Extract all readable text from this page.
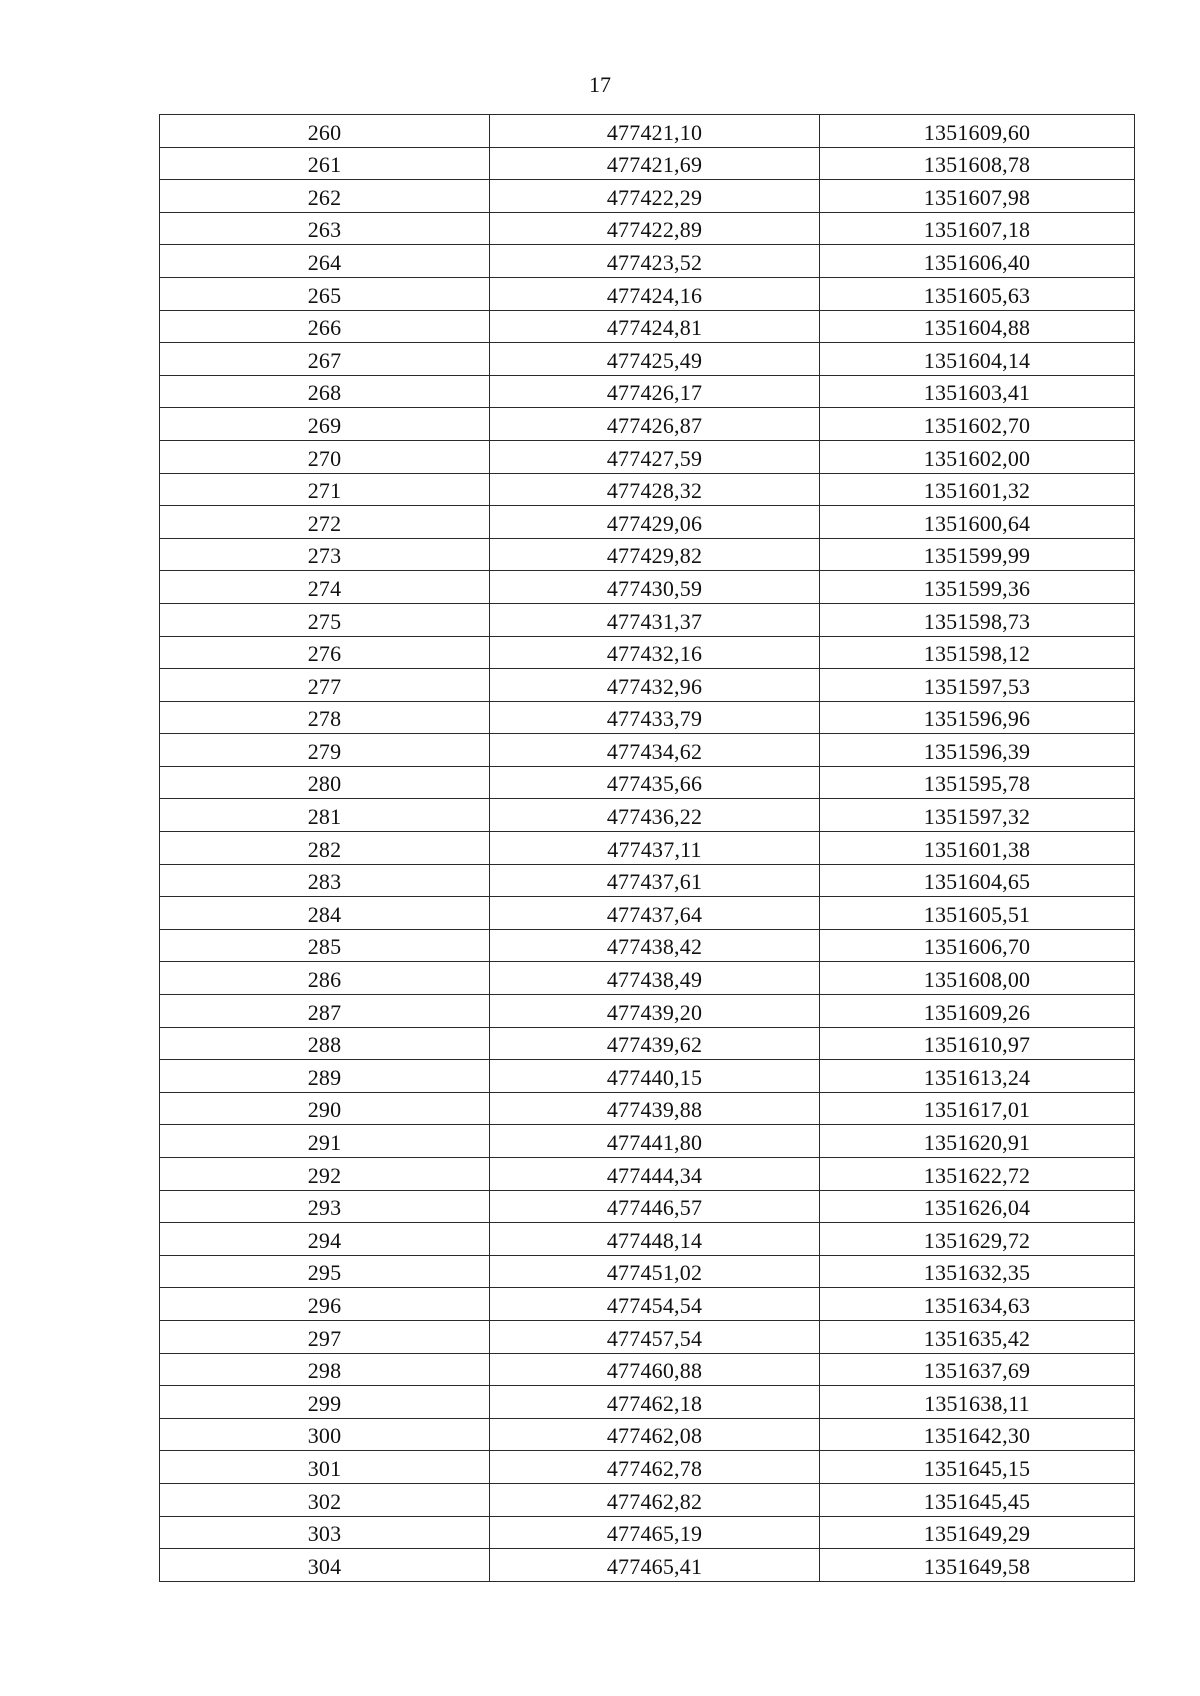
17
260	477421,10	1351609,60
261	477421,69	1351608,78
262	477422,29	1351607,98
263	477422,89	1351607,18
264	477423,52	1351606,40
265	477424,16	1351605,63
266	477424,81	1351604,88
267	477425,49	1351604,14
268	477426,17	1351603,41
269	477426,87	1351602,70
270	477427,59	1351602,00
271	477428,32	1351601,32
272	477429,06	1351600,64
273	477429,82	1351599,99
274	477430,59	1351599,36
275	477431,37	1351598,73
276	477432,16	1351598,12
277	477432,96	1351597,53
278	477433,79	1351596,96
279	477434,62	1351596,39
280	477435,66	1351595,78
281	477436,22	1351597,32
282	477437,11	1351601,38
283	477437,61	1351604,65
284	477437,64	1351605,51
285	477438,42	1351606,70
286	477438,49	1351608,00
287	477439,20	1351609,26
288	477439,62	1351610,97
289	477440,15	1351613,24
290	477439,88	1351617,01
291	477441,80	1351620,91
292	477444,34	1351622,72
293	477446,57	1351626,04
294	477448,14	1351629,72
295	477451,02	1351632,35
296	477454,54	1351634,63
297	477457,54	1351635,42
298	477460,88	1351637,69
299	477462,18	1351638,11
300	477462,08	1351642,30
301	477462,78	1351645,15
302	477462,82	1351645,45
303	477465,19	1351649,29
304	477465,41	1351649,58
